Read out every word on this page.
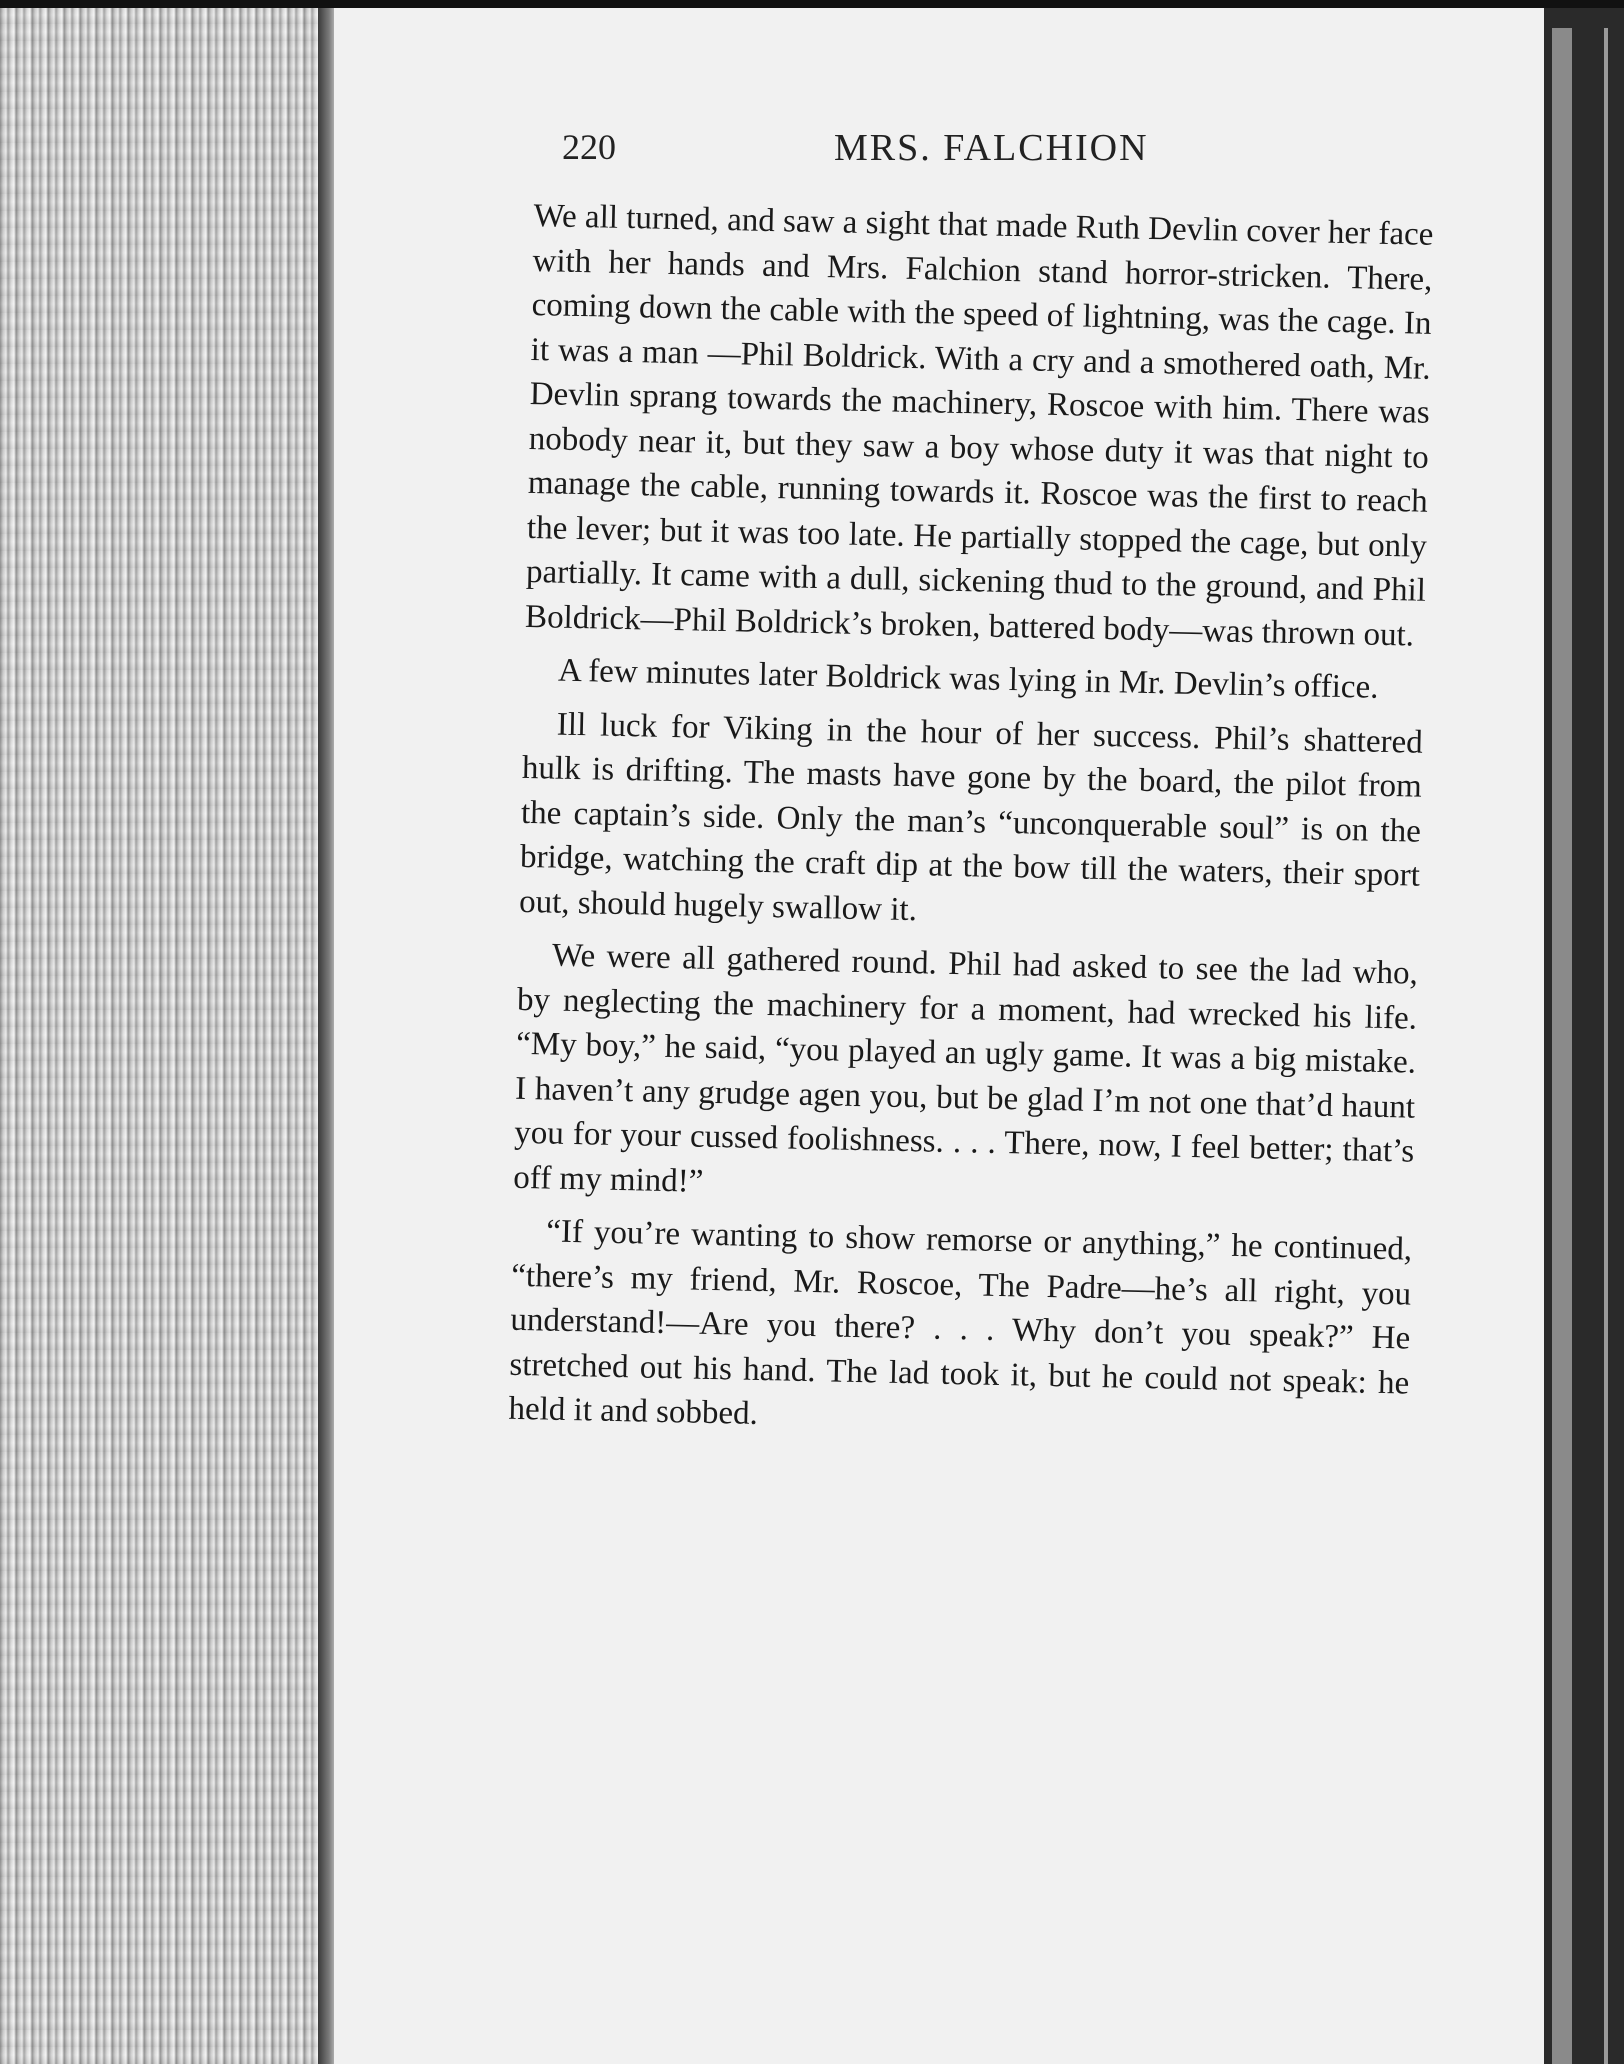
220	MRS. FALCHION

We all turned, and saw a sight that made Ruth Devlin cover her face with her hands and Mrs. Falchion stand horror-stricken. There, coming down the cable with the speed of lightning, was the cage. In it was a man —Phil Boldrick. With a cry and a smothered oath, Mr. Devlin sprang towards the machinery, Roscoe with him. There was nobody near it, but they saw a boy whose duty it was that night to manage the cable, running towards it. Roscoe was the first to reach the lever; but it was too late. He partially stopped the cage, but only partially. It came with a dull, sickening thud to the ground, and Phil Boldrick—Phil Boldrick’s broken, battered body—was thrown out.

A few minutes later Boldrick was lying in Mr. Devlin’s office.

Ill luck for Viking in the hour of her success. Phil’s shattered hulk is drifting. The masts have gone by the board, the pilot from the captain’s side. Only the man’s “unconquerable soul” is on the bridge, watching the craft dip at the bow till the waters, their sport out, should hugely swallow it.

We were all gathered round. Phil had asked to see the lad who, by neglecting the machinery for a moment, had wrecked his life. “My boy,” he said, “you played an ugly game. It was a big mistake. I haven’t any grudge agen you, but be glad I’m not one that’d haunt you for your cussed foolishness. . . . There, now, I feel better; that’s off my mind!”

“If you’re wanting to show remorse or anything,” he continued, “there’s my friend, Mr. Roscoe, The Padre—he’s all right, you understand!—Are you there? . . . Why don’t you speak?” He stretched out his hand. The lad took it, but he could not speak: he held it and sobbed.
